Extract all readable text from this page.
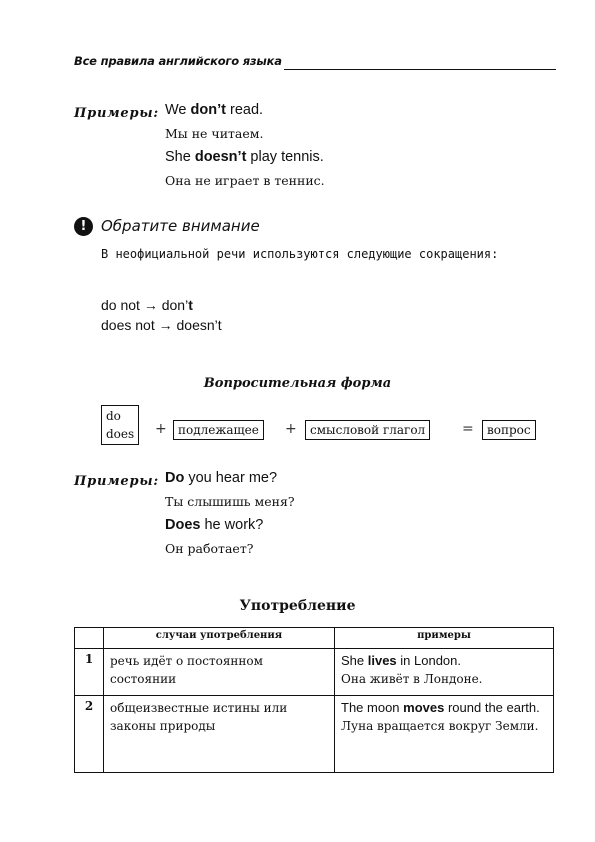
Все правила английского языка
Примеры: We don’t read.
Мы не читаем.
She doesn’t play tennis.
Она не играет в теннис.
! Обратите внимание
В неофициальной речи используются следующие сокращения:
do not → don’t
does not → doesn’t
Вопросительная форма
do
does + подлежащее	+	смысловой глагол	=	вопрос
Примеры: Do you hear me?
Ты слышишь меня?
Does he work?
Он работает?
Употребление
	случаи употребления	примеры
1	речь идёт о постоянном состоянии	She lives in London.
Она живёт в Лондоне.

2	общеизвестные истины или законы природы	The moon moves round the earth.
Луна вращается вокруг Земли.
